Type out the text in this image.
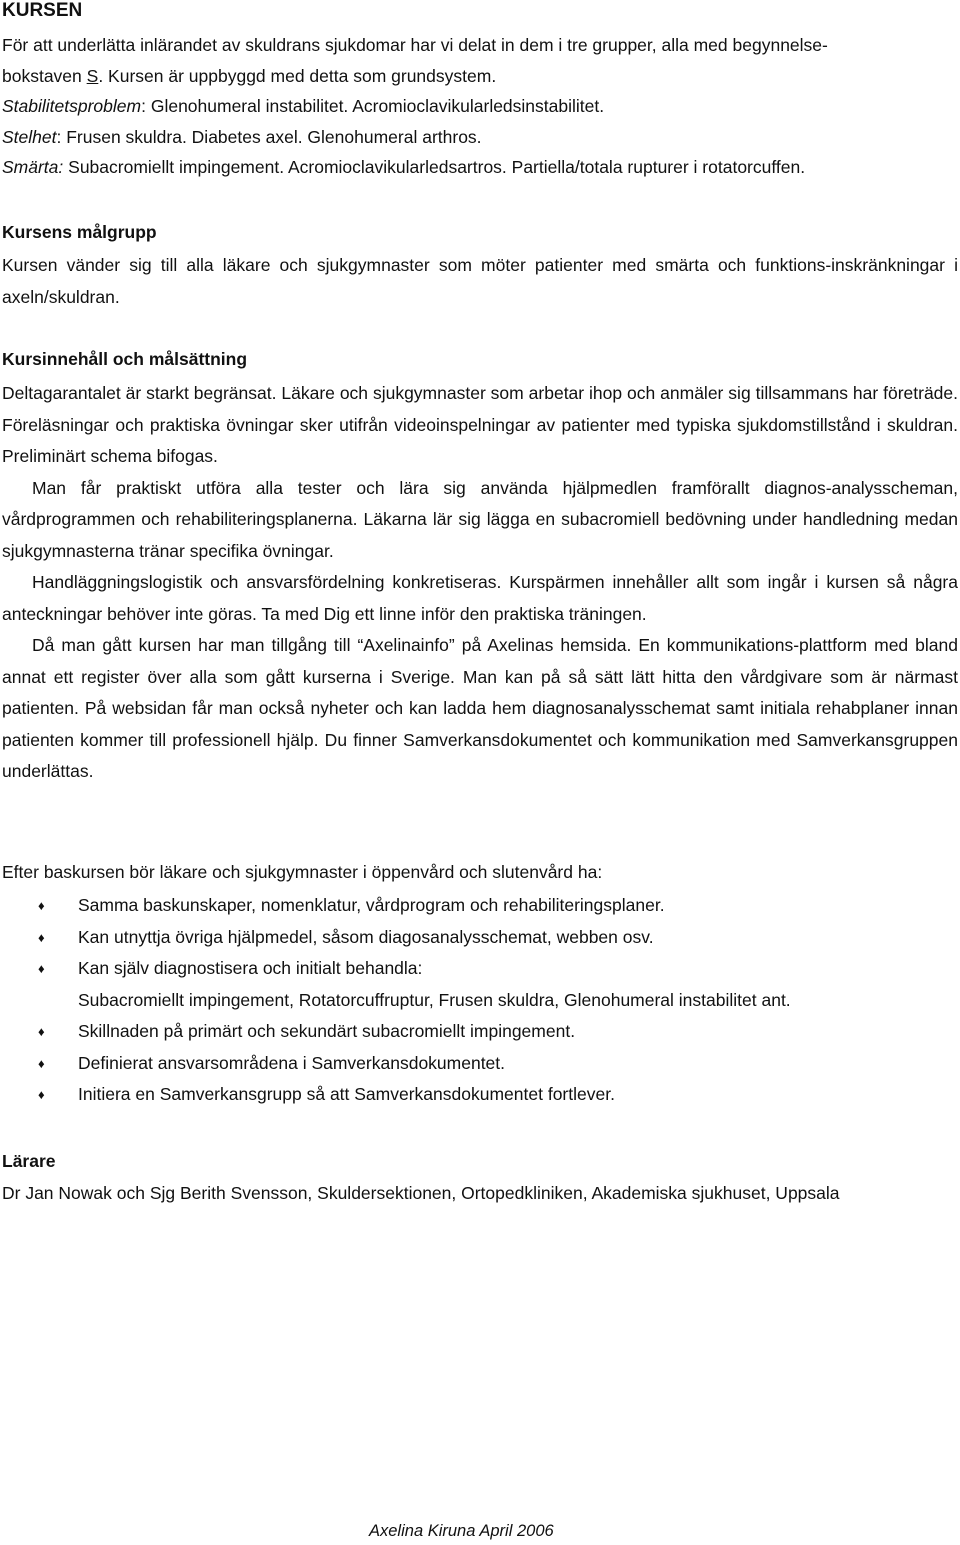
KURSEN

För att underlätta inlärandet av skuldrans sjukdomar har vi delat in dem i tre grupper, alla med begynnelse-

bokstaven S. Kursen är uppbyggd med detta som grundsystem.

Stabilitetsproblem: Glenohumeral instabilitet. Acromioclavikularledsinstabilitet.

Stelhet: Frusen skuldra. Diabetes axel. Glenohumeral arthros.

Smärta: Subacromiellt impingement. Acromioclavikularledsartros. Partiella/totala rupturer i rotatorcuffen.

Kursens målgrupp

Kursen vänder sig till alla läkare och sjukgymnaster som möter patienter med smärta och funktions-inskränkningar i axeln/skuldran.

Kursinnehåll och målsättning

Deltagarantalet är starkt begränsat. Läkare och sjukgymnaster som arbetar ihop och anmäler sig tillsammans har företräde. Föreläsningar och praktiska övningar sker utifrån videoinspelningar av patienter med typiska sjukdomstillstånd i skuldran. Preliminärt schema bifogas.

Man får praktiskt utföra alla tester och lära sig använda hjälpmedlen framförallt diagnos-analysscheman, vårdprogrammen och rehabiliteringsplanerna. Läkarna lär sig lägga en subacromiell bedövning under handledning medan sjukgymnasterna tränar specifika övningar.

Handläggningslogistik och ansvarsfördelning konkretiseras. Kurspärmen innehåller allt som ingår i kursen så några anteckningar behöver inte göras. Ta med Dig ett linne inför den praktiska träningen.

Då man gått kursen har man tillgång till “Axelinainfo” på Axelinas hemsida. En kommunikations-plattform med bland annat ett register över alla som gått kurserna i Sverige. Man kan på så sätt lätt hitta den vårdgivare som är närmast patienten. På websidan får man också nyheter och kan ladda hem diagnosanalysschemat samt initiala rehabplaner innan patienten kommer till professionell hjälp. Du finner Samverkansdokumentet och kommunikation med Samverkansgruppen underlättas.

Efter baskursen bör läkare och sjukgymnaster i öppenvård och slutenvård ha:
♦ Samma baskunskaper, nomenklatur, vårdprogram och rehabiliteringsplaner.
♦ Kan utnyttja övriga hjälpmedel, såsom diagosanalysschemat, webben osv.
♦ Kan själv diagnostisera och initialt behandla:
Subacromiellt impingement, Rotatorcuffruptur, Frusen skuldra, Glenohumeral instabilitet ant.
♦ Skillnaden på primärt och sekundärt subacromiellt impingement.
♦ Definierat ansvarsområdena i Samverkansdokumentet.
♦ Initiera en Samverkansgrupp så att Samverkansdokumentet fortlever.
Lärare
Dr Jan Nowak och Sjg Berith Svensson, Skuldersektionen, Ortopedkliniken, Akademiska sjukhuset, Uppsala
Axelina Kiruna April 2006
